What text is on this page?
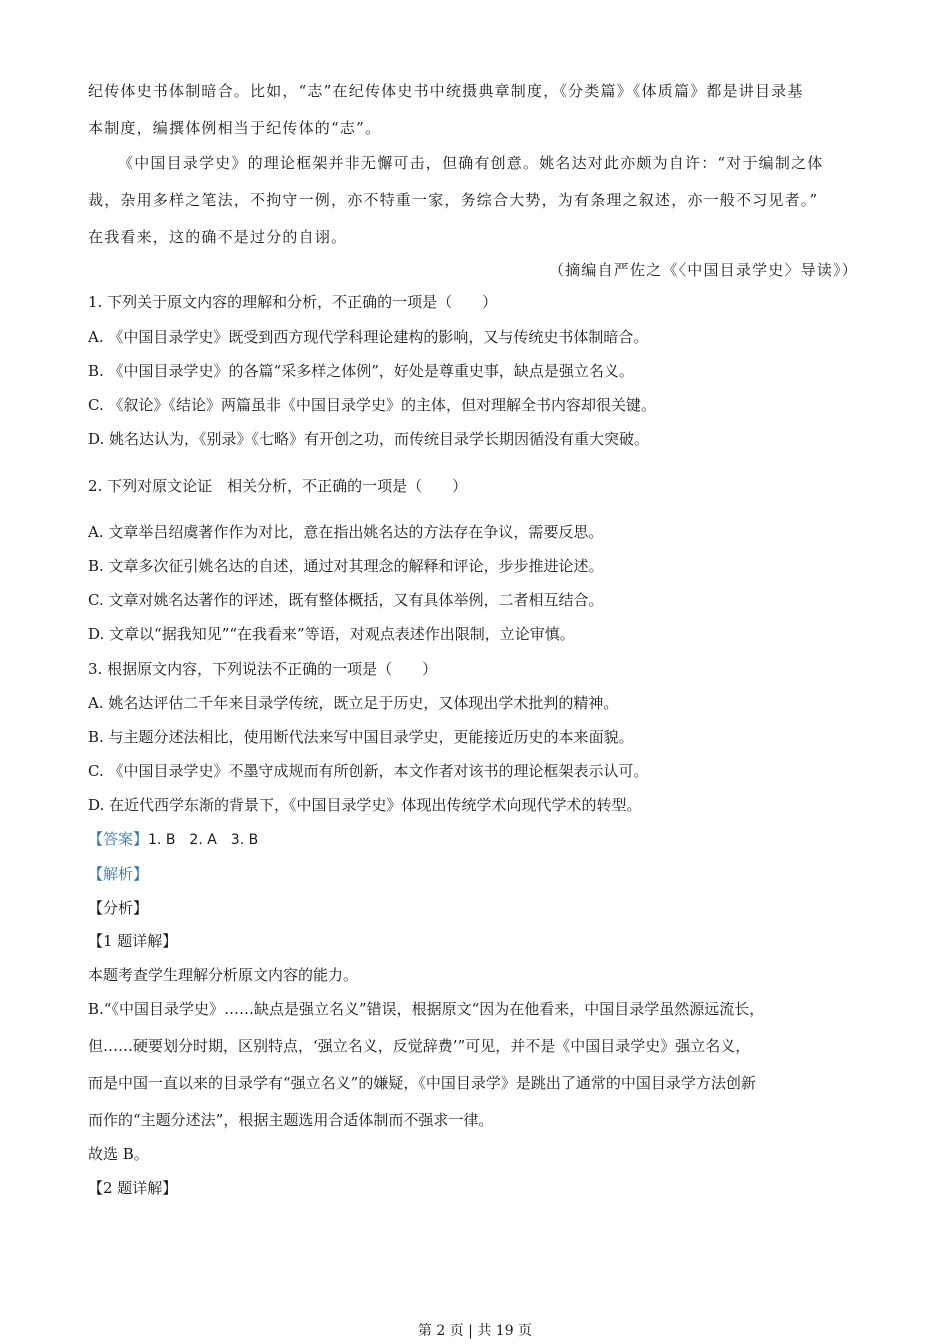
纪传体史书体制暗合。比如，“志”在纪传体史书中统摄典章制度，《分类篇》《体质篇》都是讲目录基
本制度，编撰体例相当于纪传体的“志”。
《中国目录学史》的理论框架并非无懈可击，但确有创意。姚名达对此亦颇为自许：“对于编制之体
裁，杂用多样之笔法，不拘守一例，亦不特重一家，务综合大势，为有条理之叙述，亦一般不习见者。”
在我看来，这的确不是过分的自诩。
（摘编自严佐之《〈中国目录学史〉导读》）
1. 下列关于原文内容的理解和分析，不正确的一项是（　　）
A. 《中国目录学史》既受到西方现代学科理论建构的影响，又与传统史书体制暗合。
B. 《中国目录学史》的各篇“采多样之体例”，好处是尊重史事，缺点是强立名义。
C. 《叙论》《结论》两篇虽非《中国目录学史》的主体，但对理解全书内容却很关键。
D. 姚名达认为，《别录》《七略》有开创之功，而传统目录学长期因循没有重大突破。
2. 下列对原文论证　相关分析，不正确的一项是（　　）
A. 文章举吕绍虞著作作为对比，意在指出姚名达的方法存在争议，需要反思。
B. 文章多次征引姚名达的自述，通过对其理念的解释和评论，步步推进论述。
C. 文章对姚名达著作的评述，既有整体概括，又有具体举例，二者相互结合。
D. 文章以“据我知见”“在我看来”等语，对观点表述作出限制，立论审慎。
3. 根据原文内容，下列说法不正确的一项是（　　）
A. 姚名达评估二千年来目录学传统，既立足于历史，又体现出学术批判的精神。
B. 与主题分述法相比，使用断代法来写中国目录学史，更能接近历史的本来面貌。
C. 《中国目录学史》不墨守成规而有所创新，本文作者对该书的理论框架表示认可。
D. 在近代西学东渐的背景下，《中国目录学史》体现出传统学术向现代学术的转型。
【答案】1. B　2. A　3. B
【解析】
【分析】
【1 题详解】
本题考查学生理解分析原文内容的能力。
B.“《中国目录学史》……缺点是强立名义”错误，根据原文“因为在他看来，中国目录学虽然源远流长，
但……硬要划分时期，区别特点，‘强立名义，反觉辞费’”可见，并不是《中国目录学史》强立名义，
而是中国一直以来的目录学有“强立名义”的嫌疑，《中国目录学》是跳出了通常的中国目录学方法创新
而作的“主题分述法”，根据主题选用合适体制而不强求一律。
故选 B。
【2 题详解】
第 2 页 | 共 19 页
